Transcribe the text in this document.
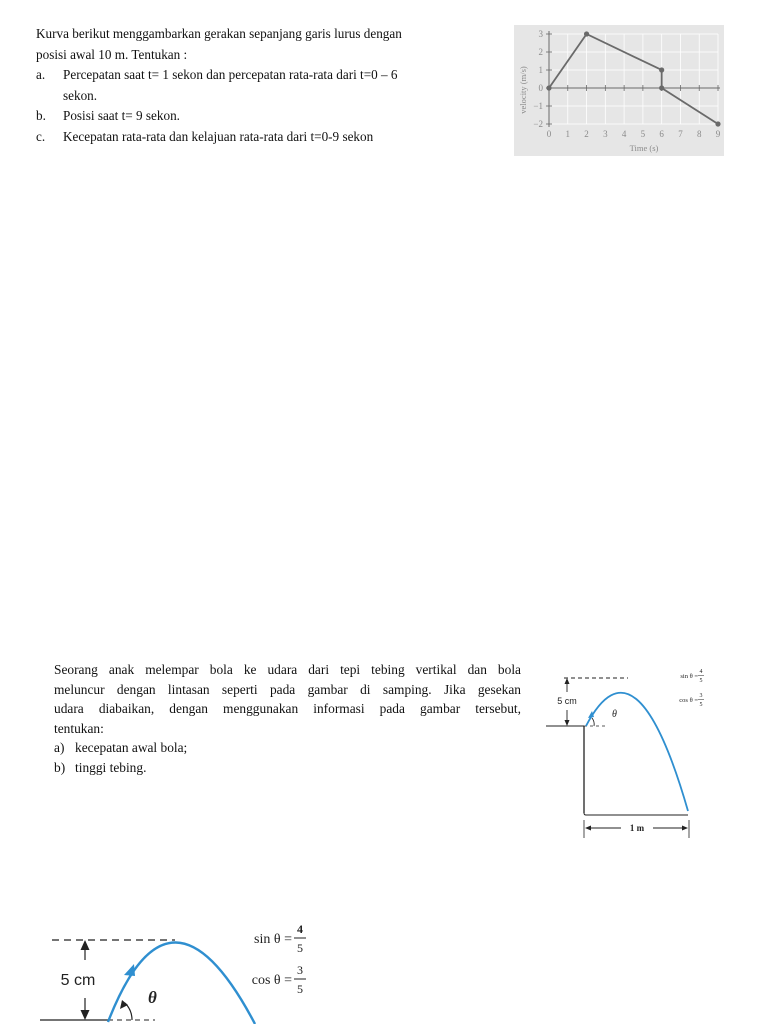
Kurva berikut menggambarkan gerakan sepanjang garis lurus dengan
posisi awal 10 m. Tentukan :
a. Percepatan saat t= 1 sekon dan percepatan rata-rata dari t=0 – 6
sekon.
b. Posisi saat t= 9 sekon.
c. Kecepatan rata-rata dan kelajuan rata-rata dari t=0-9 sekon	0 1 2 3 4 5 6 7 8 9
3
2
1
0
−1
−2
Time (s)
velocity (m/s)
Seorang anak melempar bola ke udara dari tepi tebing vertikal dan bola
meluncur dengan lintasan seperti pada gambar di samping. Jika gesekan
udara diabaikan, dengan menggunakan informasi pada gambar tersebut,
tentukan:
a) kecepatan awal bola;
b) tinggi tebing.
5 cm
θ
1 m
sin θ =
4
5
cos θ =
3
5
5 cm
θ
sin θ =
4
5
cos θ =
3
5
